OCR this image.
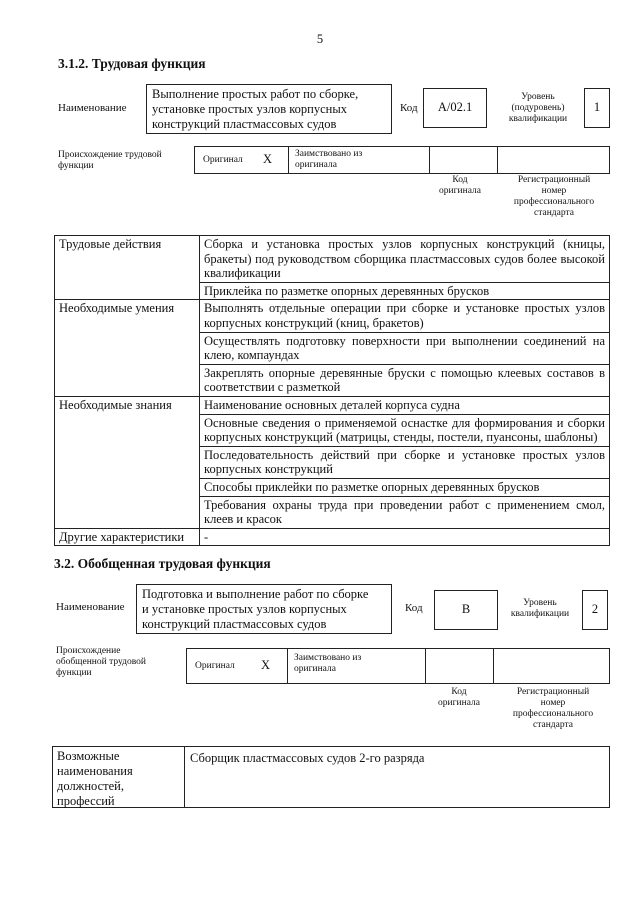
5
3.1.2. Трудовая функция
Наименование
Выполнение простых работ по сборке,
установке простых узлов корпусных
конструкций пластмассовых судов
Код	А/02.1
Уровень
(подуровень)
квалификации
1
Происхождение трудовой
функции
Оригинал X Заимствовано из
оригинала
Код
оригинала
Регистрационный
номер
профессионального
стандарта
Трудовые действия	Сборка и установка простых узлов корпусных конструкций (кницы, бракеты) под руководством сборщика пластмассовых судов более высокой квалификации
	Приклейка по разметке опорных деревянных брусков
Необходимые умения	Выполнять отдельные операции при сборке и установке простых узлов корпусных конструкций (книц, бракетов)
	Осуществлять подготовку поверхности при выполнении соединений на клею, компаундах
	Закреплять опорные деревянные бруски с помощью клеевых составов в соответствии с разметкой
Необходимые знания	Наименование основных деталей корпуса судна
	Основные сведения о применяемой оснастке для формирования и сборки корпусных конструкций (матрицы, стенды, постели, пуансоны, шаблоны)
	Последовательность действий при сборке и установке простых узлов корпусных конструкций
	Способы приклейки по разметке опорных деревянных брусков
	Требования охраны труда при проведении работ с применением смол, клеев и красок
Другие характеристики	-
3.2. Обобщенная трудовая функция
Наименование
Подготовка и выполнение работ по сборке
и установке простых узлов корпусных
конструкций пластмассовых судов
Код	В	Уровень
квалификации	2
Происхождение
обобщенной трудовой
функции
Оригинал X	Заимствовано из
оригинала
Код
оригинала
Регистрационный
номер
профессионального
стандарта
Возможные
наименования
должностей,
профессий
Сборщик пластмассовых судов 2-го разряда
